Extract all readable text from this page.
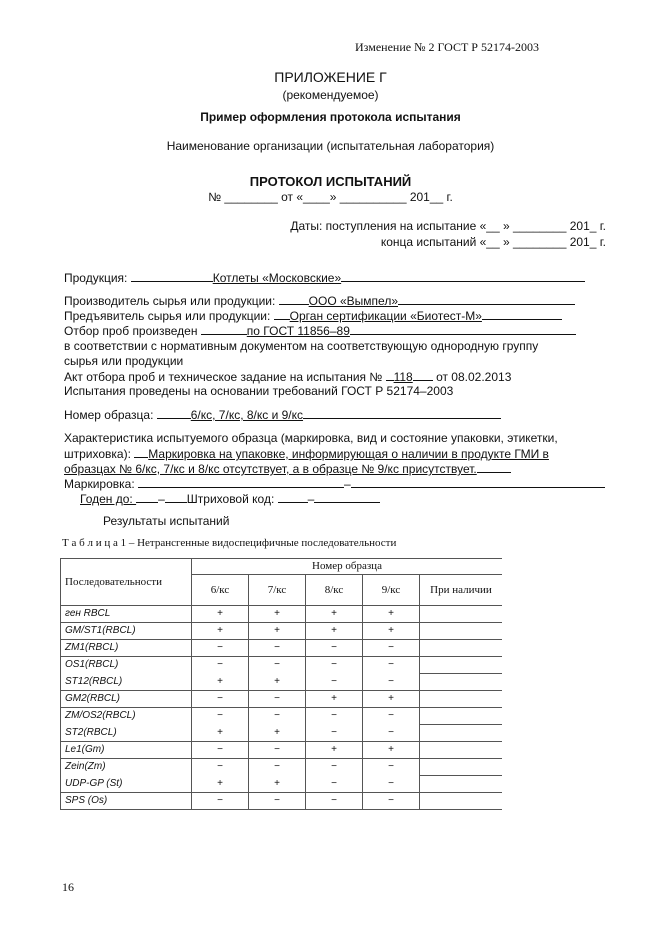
Изменение № 2 ГОСТ Р 52174-2003
ПРИЛОЖЕНИЕ Г
(рекомендуемое)
Пример оформления протокола испытания
Наименование организации (испытательная лаборатория)
ПРОТОКОЛ ИСПЫТАНИЙ
№ ________ от «____» __________ 201__ г.
Даты: поступления на испытание «__ » ________ 201_ г.
конца испытаний «__ » ________ 201_ г.
Продукция:	Котлеты «Московские»
Производитель сырья или продукции:	ООО «Вымпел»
Предъявитель сырья или продукции: Орган сертификации «Биотест-М»
Отбор проб произведен	по ГОСТ 11856–89
в соответствии с нормативным документом на соответствующую однородную группу
сырья или продукции
Акт отбора проб и техническое задание на испытания № 118 от 08.02.2013
Испытания проведены на основании требований ГОСТ Р 52174–2003
Номер образца:	6/кс, 7/кс, 8/кс и 9/кс
Характеристика испытуемого образца (маркировка, вид и состояние упаковки, этикетки,
штриховка): Маркировка на упаковке, информирующая о наличии в продукте ГМИ в
образцах № 6/кс, 7/кс и 8/кс отсутствует, а в образце № 9/кс присутствует.
Маркировка:	–
Годен до: – Штриховой код:	–
Результаты испытаний
Т а б л и ц а 1 – Нетрансгенные видоспецифичные последовательности
Последовательности	Номер образца				
	6/кс	7/кс	8/кс	9/кс	При наличии
ген RBCL	+	+	+	+	
GM/ST1(RBCL)	+	+	+	+	
ZM1(RBCL)	−	−	−	−	
OS1(RBCL)	−	−	−	−	
ST12(RBCL)	+	+	−	−	
GM2(RBCL)	−	−	+	+	
ZM/OS2(RBCL)	−	−	−	−	
ST2(RBCL)	+	+	−	−	
Le1(Gm)	−	−	+	+	
Zein(Zm)	−	−	−	−	
UDP-GP (St)	+	+	−	−	
SPS (Os)	−	−	−	−	
16
